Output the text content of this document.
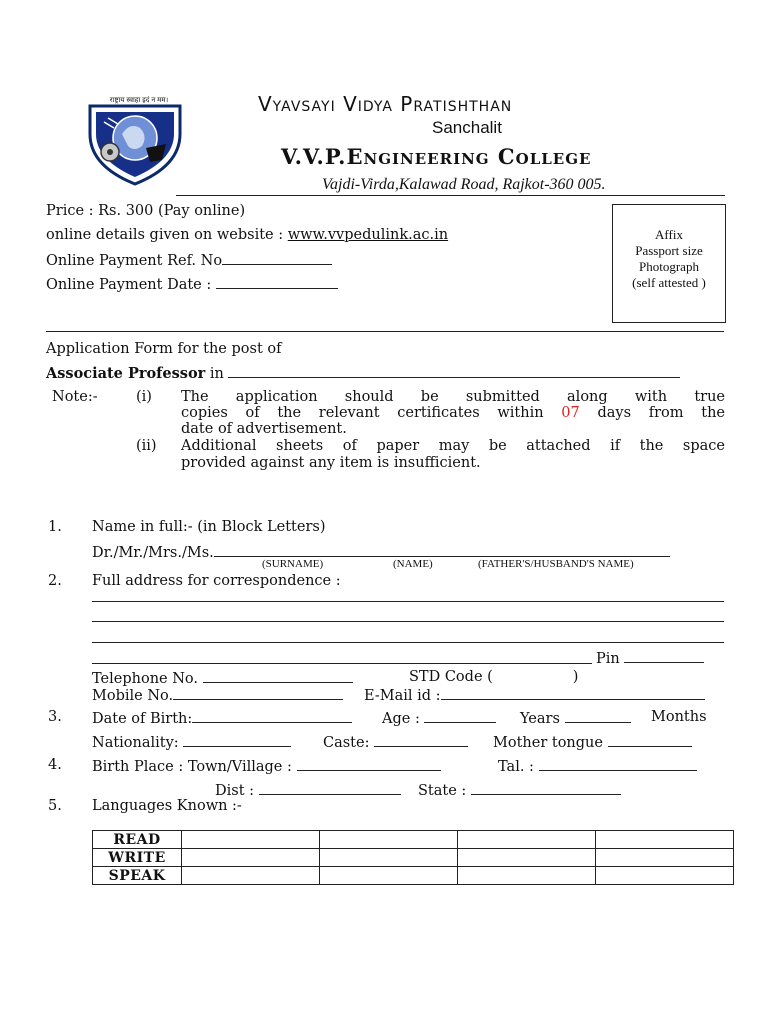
राष्ट्राय स्वाहा इदं न मम।	Vyavsayi Vidya Pratishthan
Sanchalit
V.V.P.Engineering College
Vajdi-Virda,Kalawad Road, Rajkot-360 005.
Price : Rs. 300 (Pay online)
online details given on website : www.vvpedulink.ac.in
Online Payment Ref. No
Online Payment Date :
Affix
Passport size
Photograph
(self attested )
Application Form for the post of
Associate Professor in
Note:-	(i) The application should be submitted along with true
copies of the relevant certificates within 07 days from the
date of advertisement.
(ii) Additional sheets of paper may be attached if the space
provided against any item is insufficient.
1. Name in full:- (in Block Letters)
Dr./Mr./Mrs./Ms.
(SURNAME)	(NAME)	(FATHER'S/HUSBAND'S NAME)
2. Full address for correspondence :
Pin
Telephone No.	STD Code (	)
Mobile No.	E-Mail id :
3. Date of Birth:	Age :	Years	Months
Nationality:	Caste:	Mother tongue
4. Birth Place : Town/Village :	Tal. :
Dist :	State :
5. Languages Known :-
READ				
WRITE				
SPEAK				
